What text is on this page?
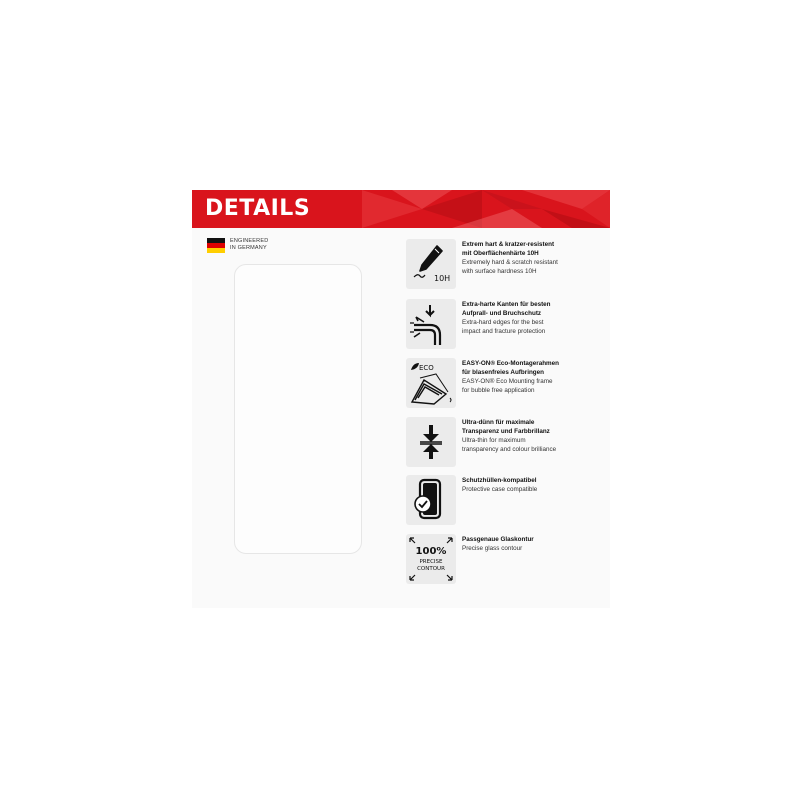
DETAILS
ENGINEERED
IN GERMANY
10H
Extrem hart & kratzer-resistent
mit Oberflächenhärte 10H
Extremely hard & scratch resistant
with surface hardness 10H
Extra-harte Kanten für besten
Aufprall- und Bruchschutz
Extra-hard edges for the best
impact and fracture protection
ECO
EASY-ON® Eco-Montagerahmen
für blasenfreies Aufbringen
EASY-ON® Eco Mounting frame
for bubble free application
Ultra-dünn für maximale
Transparenz und Farbbrillanz
Ultra-thin for maximum
transparency and colour brilliance
Schutzhüllen-kompatibel
Protective case compatible
100%
PRECISE
CONTOUR
Passgenaue Glaskontur
Precise glass contour
